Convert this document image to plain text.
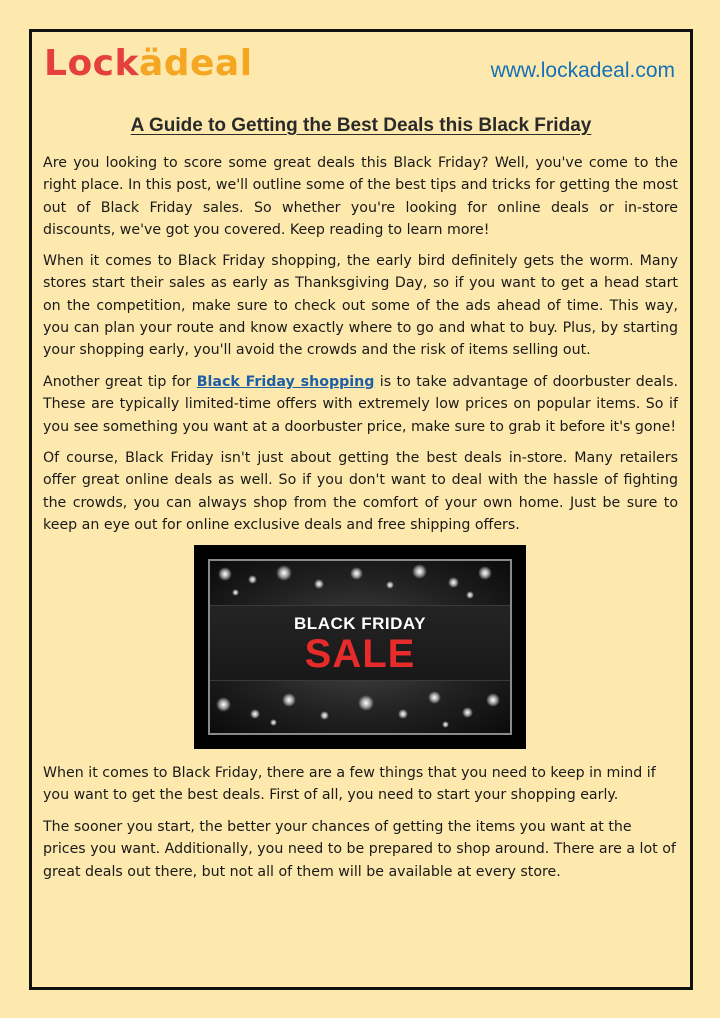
Lockädeal	www.lockadeal.com
A Guide to Getting the Best Deals this Black Friday

Are you looking to score some great deals this Black Friday? Well, you've come to the right place. In this post, we'll outline some of the best tips and tricks for getting the most out of Black Friday sales. So whether you're looking for online deals or in-store discounts, we've got you covered. Keep reading to learn more!

When it comes to Black Friday shopping, the early bird definitely gets the worm. Many stores start their sales as early as Thanksgiving Day, so if you want to get a head start on the competition, make sure to check out some of the ads ahead of time. This way, you can plan your route and know exactly where to go and what to buy. Plus, by starting your shopping early, you'll avoid the crowds and the risk of items selling out.

Another great tip for Black Friday shopping is to take advantage of doorbuster deals. These are typically limited-time offers with extremely low prices on popular items. So if you see something you want at a doorbuster price, make sure to grab it before it's gone!

Of course, Black Friday isn't just about getting the best deals in-store. Many retailers offer great online deals as well. So if you don't want to deal with the hassle of fighting the crowds, you can always shop from the comfort of your own home. Just be sure to keep an eye out for online exclusive deals and free shipping offers.

BLACK FRIDAY
SALE

When it comes to Black Friday, there are a few things that you need to keep in mind if you want to get the best deals. First of all, you need to start your shopping early.

The sooner you start, the better your chances of getting the items you want at the prices you want. Additionally, you need to be prepared to shop around. There are a lot of great deals out there, but not all of them will be available at every store.
